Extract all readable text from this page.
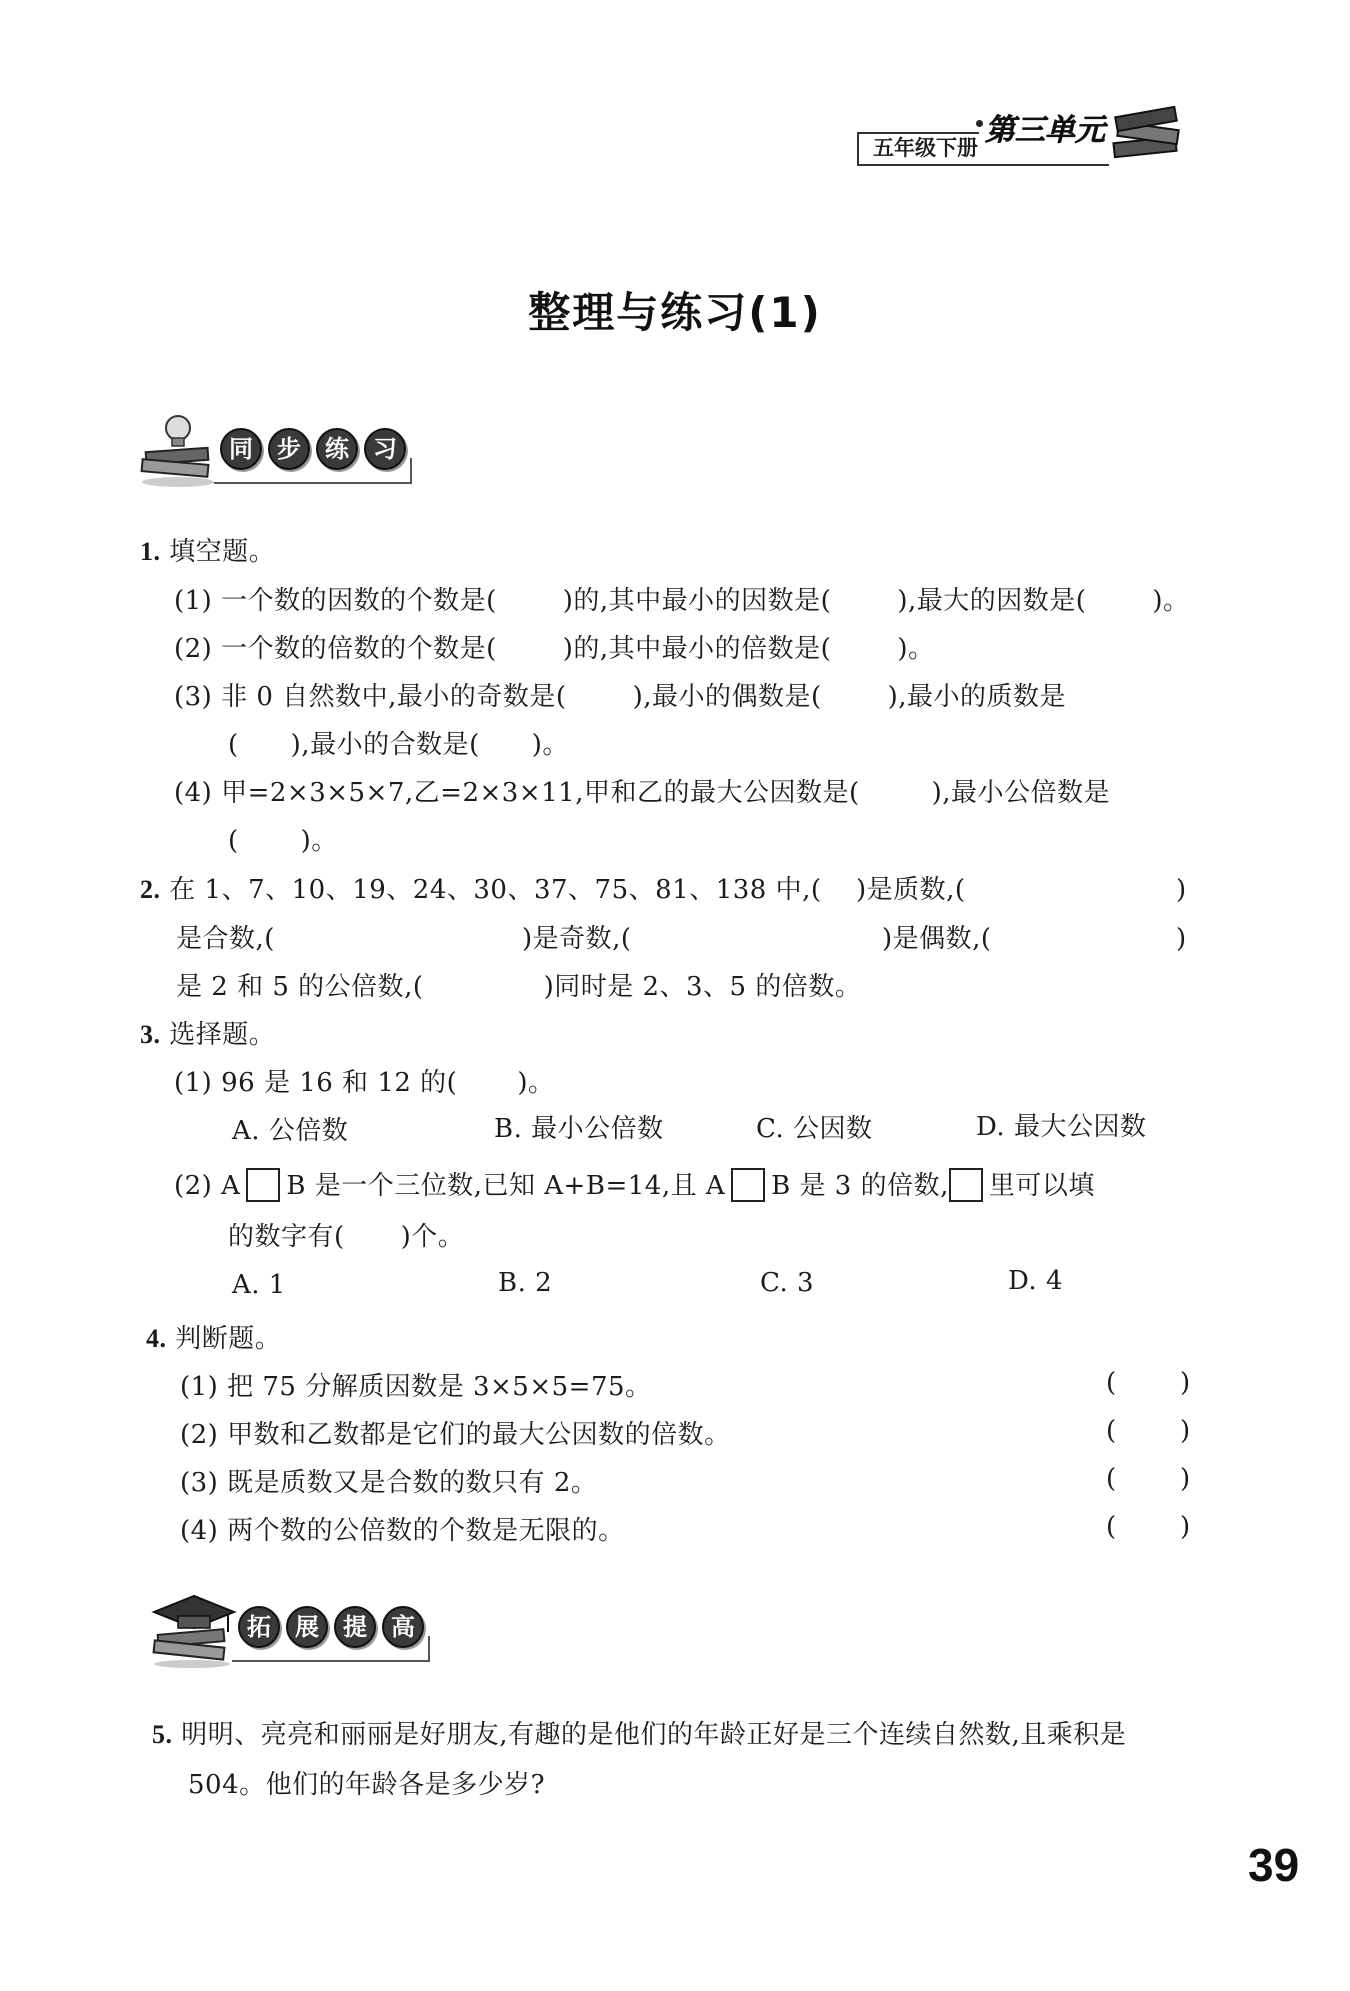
第三单元
五年级下册
整理与练习(1)
同	步	练	习
1. 填空题。
(1) 一个数的因数的个数是(	)的,其中最小的因数是(	),最大的因数是(	)。
(2) 一个数的倍数的个数是(	)的,其中最小的倍数是(	)。
(3) 非 0 自然数中,最小的奇数是(	),最小的偶数是(	),最小的质数是
( ),最小的合数是( )。
(4) 甲=2×3×5×7,乙=2×3×11,甲和乙的最大公因数是(	),最小公倍数是
( )。
2. 在 1、7、10、19、24、30、37、75、81、138 中,( )是质数,(	)
是合数,(	)是奇数,(	)是偶数,(	)
是 2 和 5 的公倍数,(	)同时是 2、3、5 的倍数。
3. 选择题。
(1) 96 是 16 和 12 的( )。
A. 公倍数	B. 最小公倍数	C. 公因数	D. 最大公因数
(2) A B 是一个三位数,已知 A+B=14,且 A B 是 3 的倍数, 里可以填
的数字有( )个。
A. 1	B. 2	C. 3	D. 4
4. 判断题。
(1) 把 75 分解质因数是 3×5×5=75。	( )
(2) 甲数和乙数都是它们的最大公因数的倍数。	( )
(3) 既是质数又是合数的数只有 2。	( )
(4) 两个数的公倍数的个数是无限的。	( )
拓	展	提	高
5. 明明、亮亮和丽丽是好朋友,有趣的是他们的年龄正好是三个连续自然数,且乘积是
504。他们的年龄各是多少岁?
39
